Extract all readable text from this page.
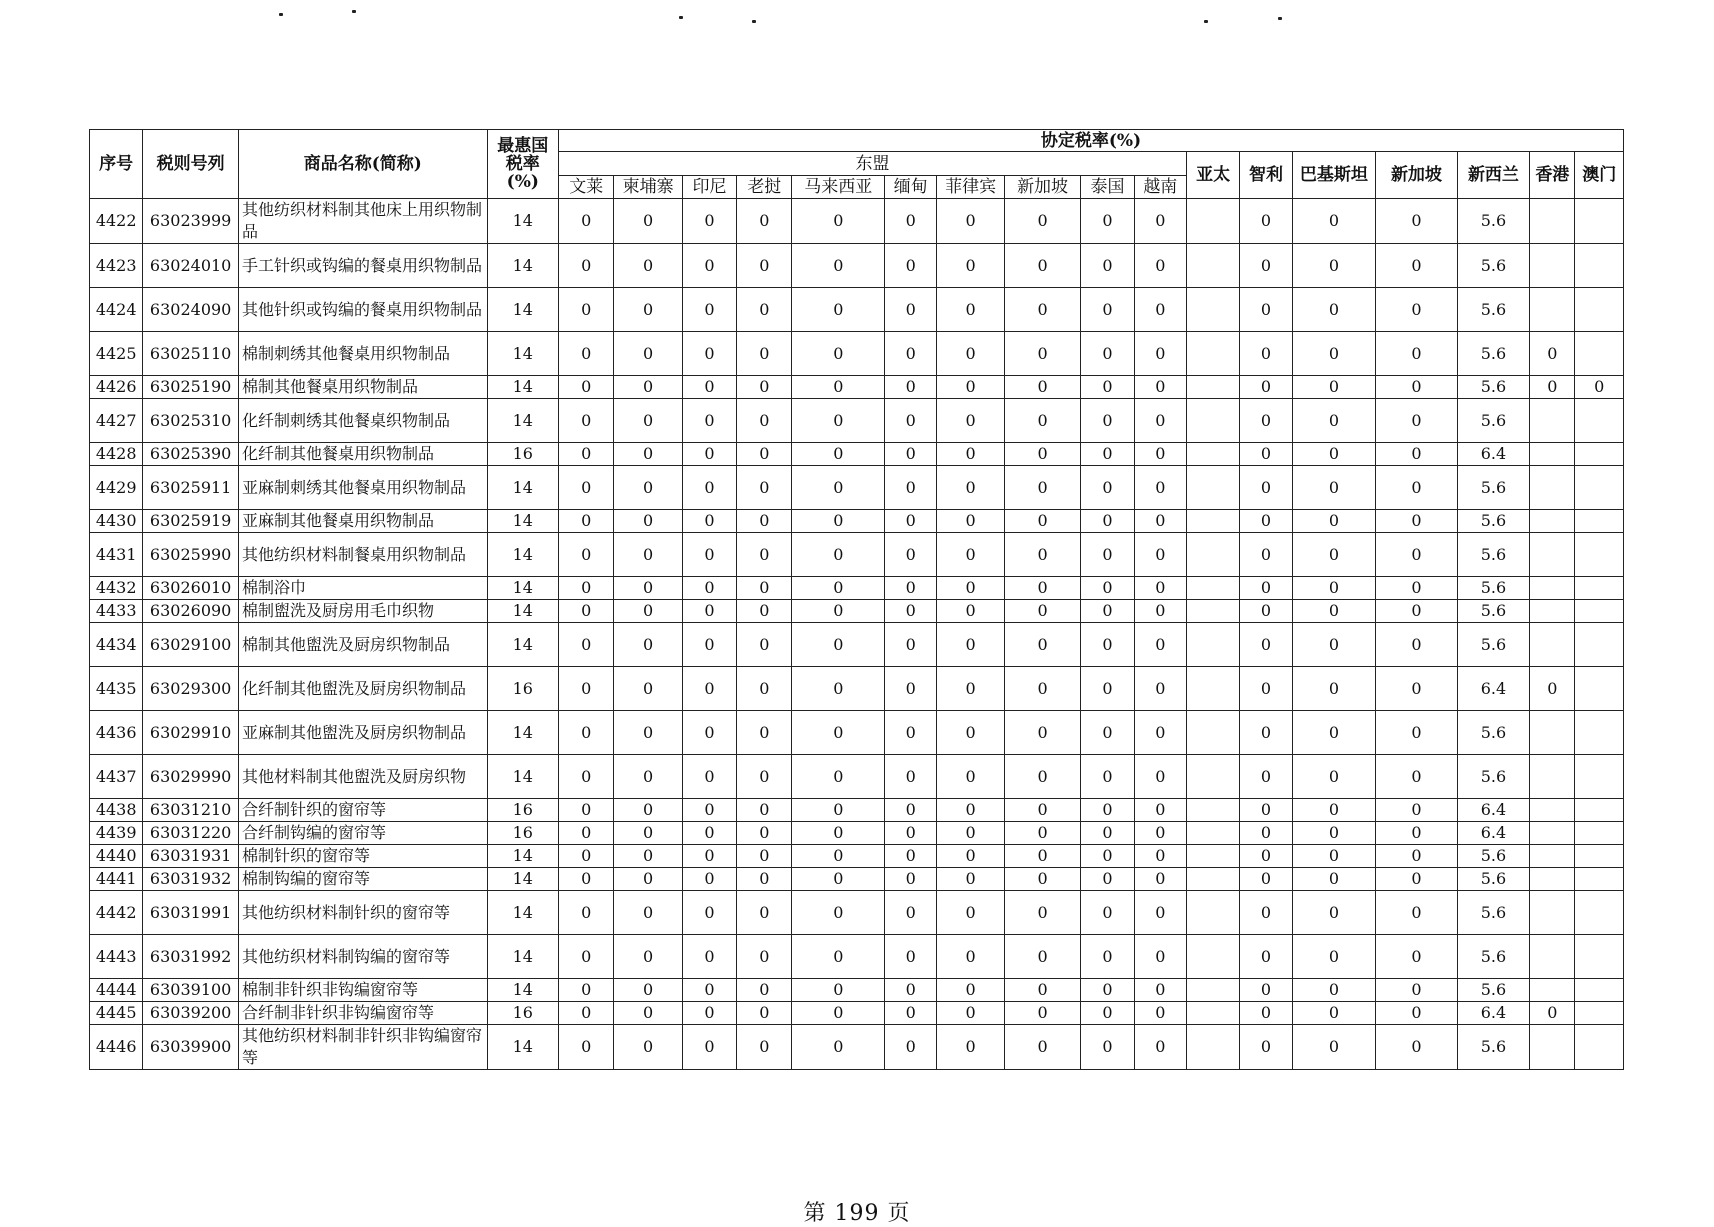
序号	税则号列	商品名称(简称)	最惠国
税率
(%)	协定税率(%)																
				东盟										亚太	智利	巴基斯坦	新加坡	新西兰	香港	澳门
				文莱	柬埔寨	印尼	老挝	马来西亚	缅甸	菲律宾	新加坡	泰国	越南							
4422	63023999	其他纺织材料制其他床上用织物制品	14	0	0	0	0	0	0	0	0	0	0		0	0	0	5.6		
4423	63024010	手工针织或钩编的餐桌用织物制品	14	0	0	0	0	0	0	0	0	0	0		0	0	0	5.6		
4424	63024090	其他针织或钩编的餐桌用织物制品	14	0	0	0	0	0	0	0	0	0	0		0	0	0	5.6		
4425	63025110	棉制刺绣其他餐桌用织物制品	14	0	0	0	0	0	0	0	0	0	0		0	0	0	5.6	0	
4426	63025190	棉制其他餐桌用织物制品	14	0	0	0	0	0	0	0	0	0	0		0	0	0	5.6	0	0
4427	63025310	化纤制刺绣其他餐桌织物制品	14	0	0	0	0	0	0	0	0	0	0		0	0	0	5.6		
4428	63025390	化纤制其他餐桌用织物制品	16	0	0	0	0	0	0	0	0	0	0		0	0	0	6.4		
4429	63025911	亚麻制刺绣其他餐桌用织物制品	14	0	0	0	0	0	0	0	0	0	0		0	0	0	5.6		
4430	63025919	亚麻制其他餐桌用织物制品	14	0	0	0	0	0	0	0	0	0	0		0	0	0	5.6		
4431	63025990	其他纺织材料制餐桌用织物制品	14	0	0	0	0	0	0	0	0	0	0		0	0	0	5.6		
4432	63026010	棉制浴巾	14	0	0	0	0	0	0	0	0	0	0		0	0	0	5.6		
4433	63026090	棉制盥洗及厨房用毛巾织物	14	0	0	0	0	0	0	0	0	0	0		0	0	0	5.6		
4434	63029100	棉制其他盥洗及厨房织物制品	14	0	0	0	0	0	0	0	0	0	0		0	0	0	5.6		
4435	63029300	化纤制其他盥洗及厨房织物制品	16	0	0	0	0	0	0	0	0	0	0		0	0	0	6.4	0	
4436	63029910	亚麻制其他盥洗及厨房织物制品	14	0	0	0	0	0	0	0	0	0	0		0	0	0	5.6		
4437	63029990	其他材料制其他盥洗及厨房织物	14	0	0	0	0	0	0	0	0	0	0		0	0	0	5.6		
4438	63031210	合纤制针织的窗帘等	16	0	0	0	0	0	0	0	0	0	0		0	0	0	6.4		
4439	63031220	合纤制钩编的窗帘等	16	0	0	0	0	0	0	0	0	0	0		0	0	0	6.4		
4440	63031931	棉制针织的窗帘等	14	0	0	0	0	0	0	0	0	0	0		0	0	0	5.6		
4441	63031932	棉制钩编的窗帘等	14	0	0	0	0	0	0	0	0	0	0		0	0	0	5.6		
4442	63031991	其他纺织材料制针织的窗帘等	14	0	0	0	0	0	0	0	0	0	0		0	0	0	5.6		
4443	63031992	其他纺织材料制钩编的窗帘等	14	0	0	0	0	0	0	0	0	0	0		0	0	0	5.6		
4444	63039100	棉制非针织非钩编窗帘等	14	0	0	0	0	0	0	0	0	0	0		0	0	0	5.6		
4445	63039200	合纤制非针织非钩编窗帘等	16	0	0	0	0	0	0	0	0	0	0		0	0	0	6.4	0	
4446	63039900	其他纺织材料制非针织非钩编窗帘等	14	0	0	0	0	0	0	0	0	0	0		0	0	0	5.6		
第 199 页
